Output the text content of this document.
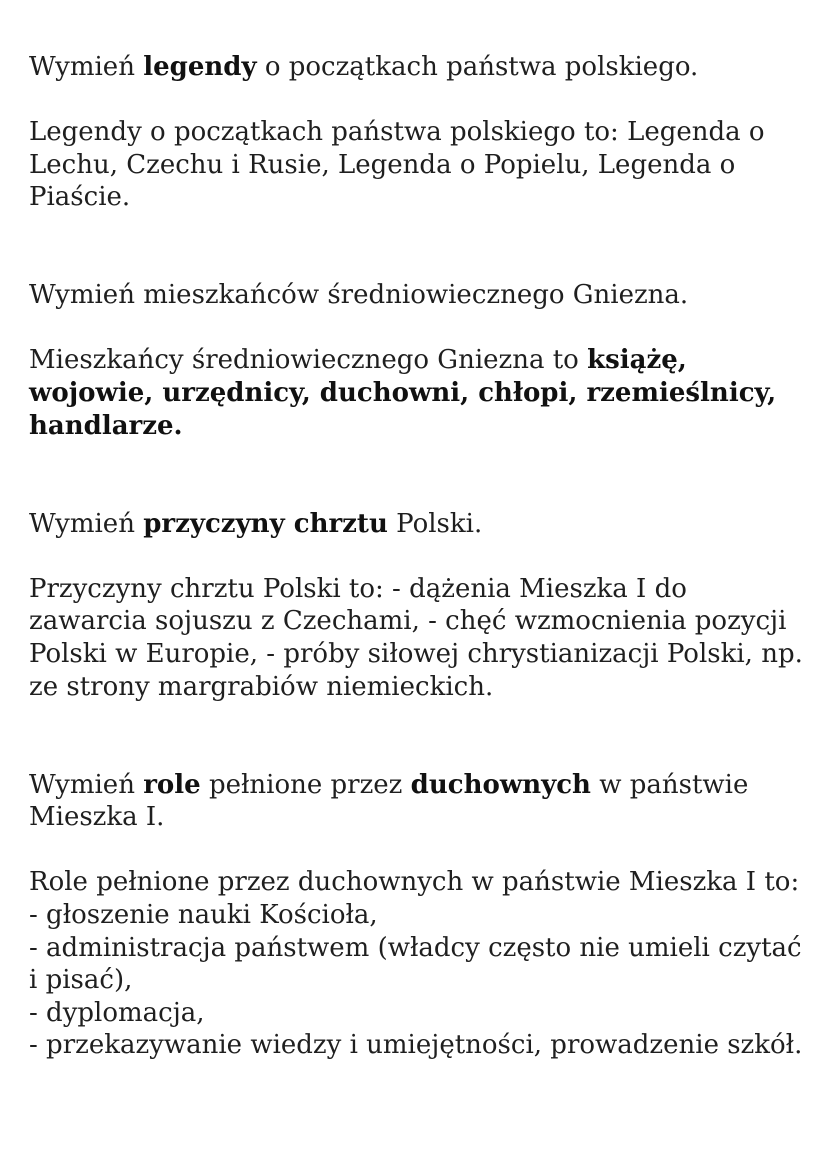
Wymień legendy o początkach państwa polskiego.

Legendy o początkach państwa polskiego to: Legenda o Lechu, Czechu i Rusie, Legenda o Popielu, Legenda o Piaście.

Wymień mieszkańców średniowiecznego Gniezna.

Mieszkańcy średniowiecznego Gniezna to książę, wojowie, urzędnicy, duchowni, chłopi, rzemieślnicy, handlarze.

Wymień przyczyny chrztu Polski.

Przyczyny chrztu Polski to: - dążenia Mieszka I do zawarcia sojuszu z Czechami, - chęć wzmocnienia pozycji Polski w Europie, - próby siłowej chrystianizacji Polski, np. ze strony margrabiów niemieckich.

Wymień role pełnione przez duchownych w państwie Mieszka I.

Role pełnione przez duchownych w państwie Mieszka I to:
- głoszenie nauki Kościoła,
- administracja państwem (władcy często nie umieli czytać i pisać),
- dyplomacja,
- przekazywanie wiedzy i umiejętności, prowadzenie szkół.
